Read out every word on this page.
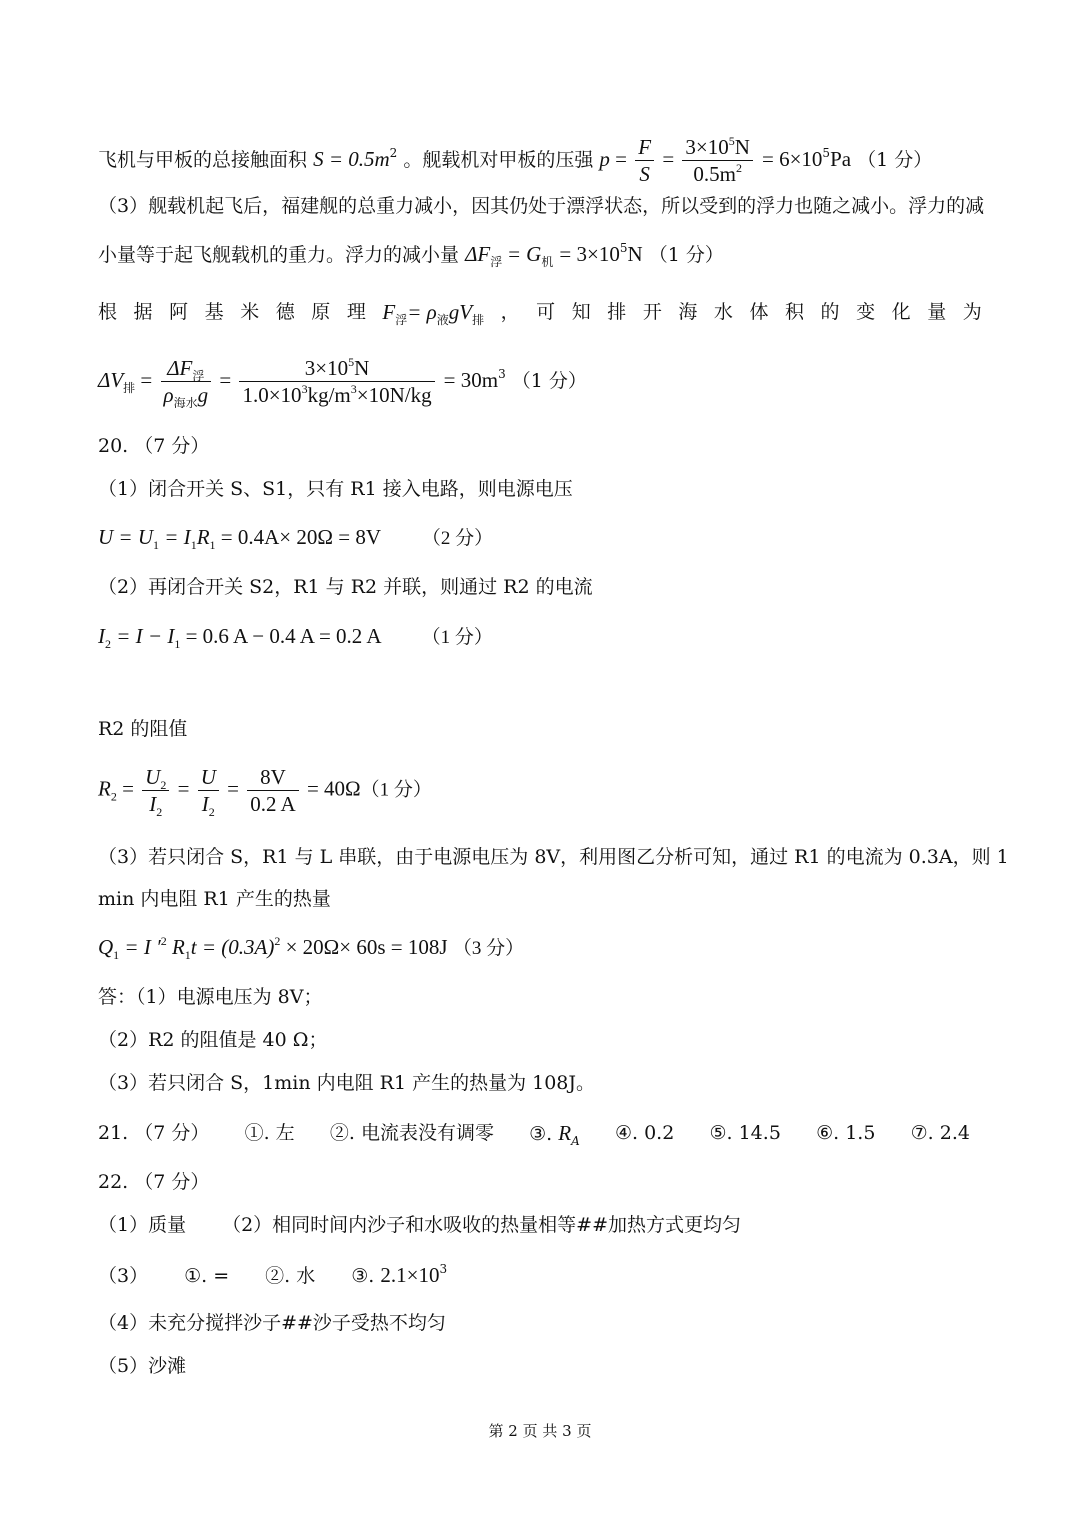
飞机与甲板的总接触面积 $S = 0.5m^2$ 。舰载机对甲板的压强 $p = \frac{F}{S} = \frac{3\times 10^5N}{0.5m^2} = 6\times 10^5Pa$ （1 分）
（3）舰载机起飞后，福建舰的总重力减小，因其仍处于漂浮状态，所以受到的浮力也随之减小。浮力的减
小量等于起飞舰载机的重力。浮力的减小量 $\Delta F_浮 = G_机 = 3\times 10^5N$ （1 分）
根 据 阿 基 米 德 原 理 $F_浮= \rho_液gV_排$ ， 可 知 排 开 海 水 体 积 的 变 化 量 为
$\Delta V_排 = \frac{\Delta F_浮}{\rho_{海水}g} = \frac{3\times 10^5N}{1.0\times 10^3kg/m^3\times 10N/kg} = 30m^3$ （1 分）
20. （7 分）
（1）闭合开关 S、S1，只有 R1 接入电路，则电源电压
$U = U_1 = I_1R_1 = 0.4A\times 20\Omega = 8V$ （2 分）
（2）再闭合开关 S2，R1 与 R2 并联，则通过 R2 的电流
$I_2 = I - I_1 = 0.6$ A − 0.4 A = 0.2 A （1 分）
R2 的阻值
$R_2 = \frac{U_2}{I_2} = \frac{U}{I_2} = \frac{8V}{0.2 A} = 40\Omega(1$ 分）
（3）若只闭合 S，R1 与 L 串联，由于电源电压为 8V，利用图乙分析可知，通过 R1 的电流为 0.3A，则 1
min 内电阻 R1 产生的热量
$Q_1 = I$ $'^2$ $R_1t = (0.3A)^2 \times 20\Omega\times 60s = 108J$ （3 分）
答：（1）电源电压为 8V；
（2）R2 的阻值是 40 Ω；
（3）若只闭合 S，1min 内电阻 R1 产生的热量为 108J。
21. （7 分） ①. 左 ②. 电流表没有调零 ③. $R_A$ ④. 0.2 ⑤. 14.5 ⑥. 1.5 ⑦. 2.4
22. （7 分）
（1）质量 （2）相同时间内沙子和水吸收的热量相等##加热方式更均匀
（3） ①. = ②. 水 ③. $2.1\times 10^3$
（4）未充分搅拌沙子##沙子受热不均匀
（5）沙滩
第 2 页 共 3 页
